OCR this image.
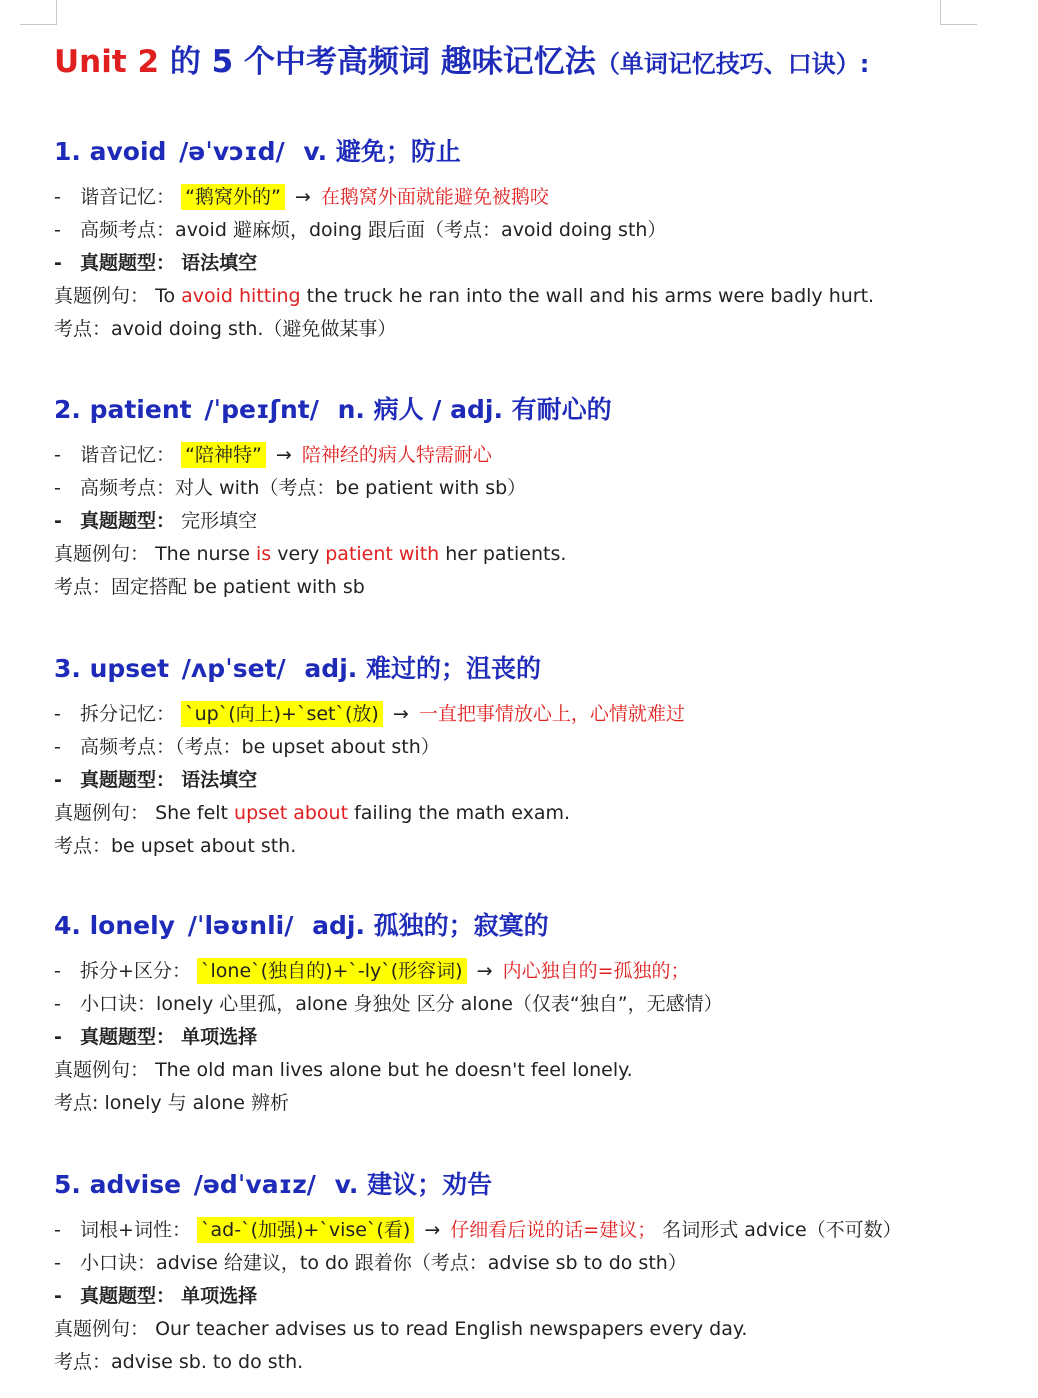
Unit 2 的 5 个中考高频词 趣味记忆法（单词记忆技巧、口诀）:
1. avoid /əˈvɔɪd/ v. 避免；防止
- 谐音记忆： “鹅窝外的” → 在鹅窝外面就能避免被鹅咬
- 高频考点：avoid 避麻烦，doing 跟后面（考点：avoid doing sth）
- 真题题型： 语法填空
真题例句： To avoid hitting the truck he ran into the wall and his arms were badly hurt.
考点：avoid doing sth.（避免做某事）
2. patient /ˈpeɪʃnt/ n. 病人 / adj. 有耐心的
- 谐音记忆： “陪神特” → 陪神经的病人特需耐心
- 高频考点：对人 with（考点：be patient with sb）
- 真题题型： 完形填空
真题例句： The nurse is very patient with her patients.
考点：固定搭配 be patient with sb
3. upset /ʌpˈset/ adj. 难过的；沮丧的
- 拆分记忆： `up`(向上)+`set`(放) → 一直把事情放心上，心情就难过
- 高频考点：（考点：be upset about sth）
- 真题题型： 语法填空
真题例句： She felt upset about failing the math exam.
考点：be upset about sth.
4. lonely /ˈləʊnli/ adj. 孤独的；寂寞的
- 拆分+区分： `lone`(独自的)+`-ly`(形容词) → 内心独自的=孤独的；
- 小口诀：lonely 心里孤，alone 身独处 区分 alone（仅表“独自”，无感情）
- 真题题型： 单项选择
真题例句： The old man lives alone but he doesn't feel lonely.
考点: lonely 与 alone 辨析
5. advise /ədˈvaɪz/ v. 建议；劝告
- 词根+词性： `ad-`(加强)+`vise`(看) → 仔细看后说的话=建议； 名词形式 advice（不可数）
- 小口诀：advise 给建议，to do 跟着你（考点：advise sb to do sth）
- 真题题型： 单项选择
真题例句： Our teacher advises us to read English newspapers every day.
考点：advise sb. to do sth.
